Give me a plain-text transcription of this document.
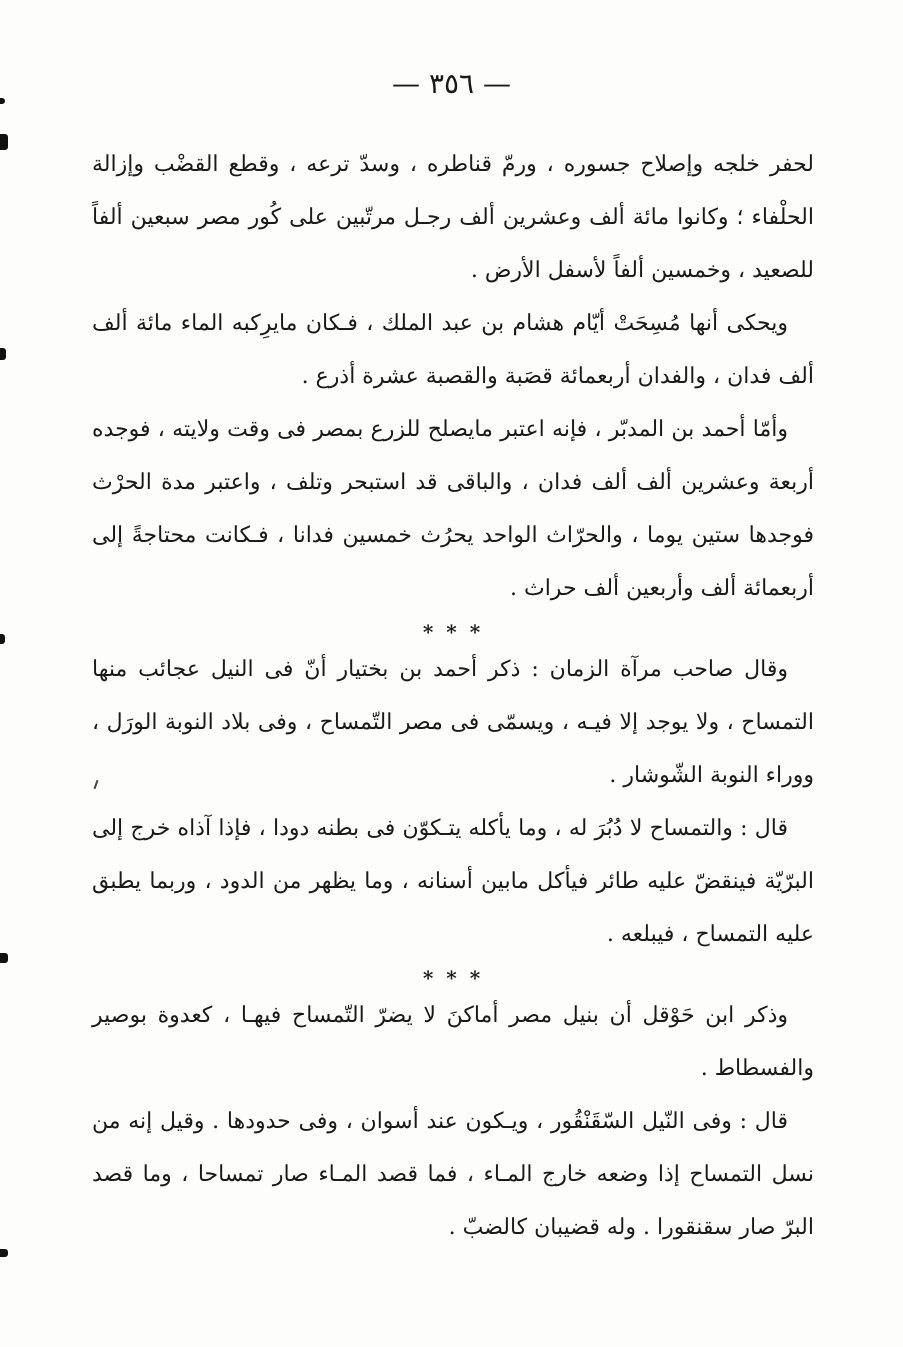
— ٣٥٦ —

لحفر خلجه وإصلاح جسوره ، ورمّ قناطره ، وسدّ ترعه ، وقطع القضْب وإزالة الحلْفاء ؛ وكانوا مائة ألف وعشرين ألف رجـل مرتّبين على كُور مصر سبعين ألفاً للصعيد ، وخمسين ألفاً لأسفل الأرض .

ويحكى أنها مُسِحَتْ أيّام هشام بن عبد الملك ، فـكان مايرِكبه الماء مائة ألف ألف فدان ، والفدان أربعمائة قصَبة والقصبة عشرة أذرع .

وأمّا أحمد بن المدبّر ، فإنه اعتبر مايصلح للزرع بمصر فى وقت ولايته ، فوجده أربعة وعشرين ألف ألف فدان ، والباقى قد استبحر وتلف ، واعتبر مدة الحرْث فوجدها ستين يوما ، والحرّاث الواحد يحرُث خمسين فدانا ، فـكانت محتاجةً إلى أربعمائة ألف وأربعين ألف حراث .

* * *

وقال صاحب مرآة الزمان : ذكر أحمد بن بختيار أنّ فى النيل عجائب منها التمساح ، ولا يوجد إلا فيـه ، ويسمّى فى مصر التّمساح ، وفى بلاد النوبة الورَل ، ووراء النوبة الشّوشار .

قال : والتمساح لا دُبُرَ له ، وما يأكله يتـكوّن فى بطنه دودا ، فإذا آذاه خرج إلى البرّيّة فينقضّ عليه طائر فيأكل مابين أسنانه ، وما يظهر من الدود ، وربما يطبق عليه التمساح ، فيبلعه .

* * *

وذكر ابن حَوْقل أن بنيل مصر أماكنَ لا يضرّ التّمساح فيهـا ، كعدوة بوصير والفسطاط .

قال : وفى النّيل السّقَنْقُور ، ويـكون عند أسوان ، وفى حدودها . وقيل إنه من نسل التمساح إذا وضعه خارج المـاء ، فما قصد المـاء صار تمساحا ، وما قصد البرّ صار سقنقورا . وله قضيبان كالضبّ .
